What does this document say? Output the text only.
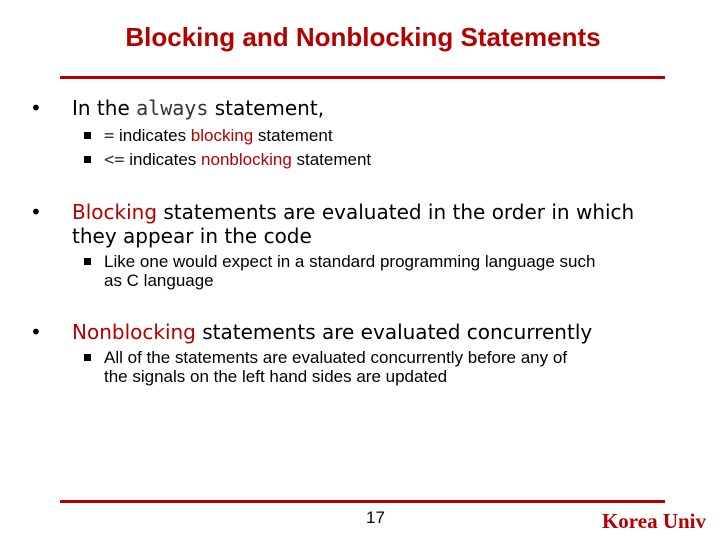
Blocking and Nonblocking Statements
• In the always statement,
= indicates blocking statement
<= indicates nonblocking statement
• Blocking statements are evaluated in the order in which
they appear in the code
Like one would expect in a standard programming language such
as C language
• Nonblocking statements are evaluated concurrently
All of the statements are evaluated concurrently before any of
the signals on the left hand sides are updated
17	Korea Univ
